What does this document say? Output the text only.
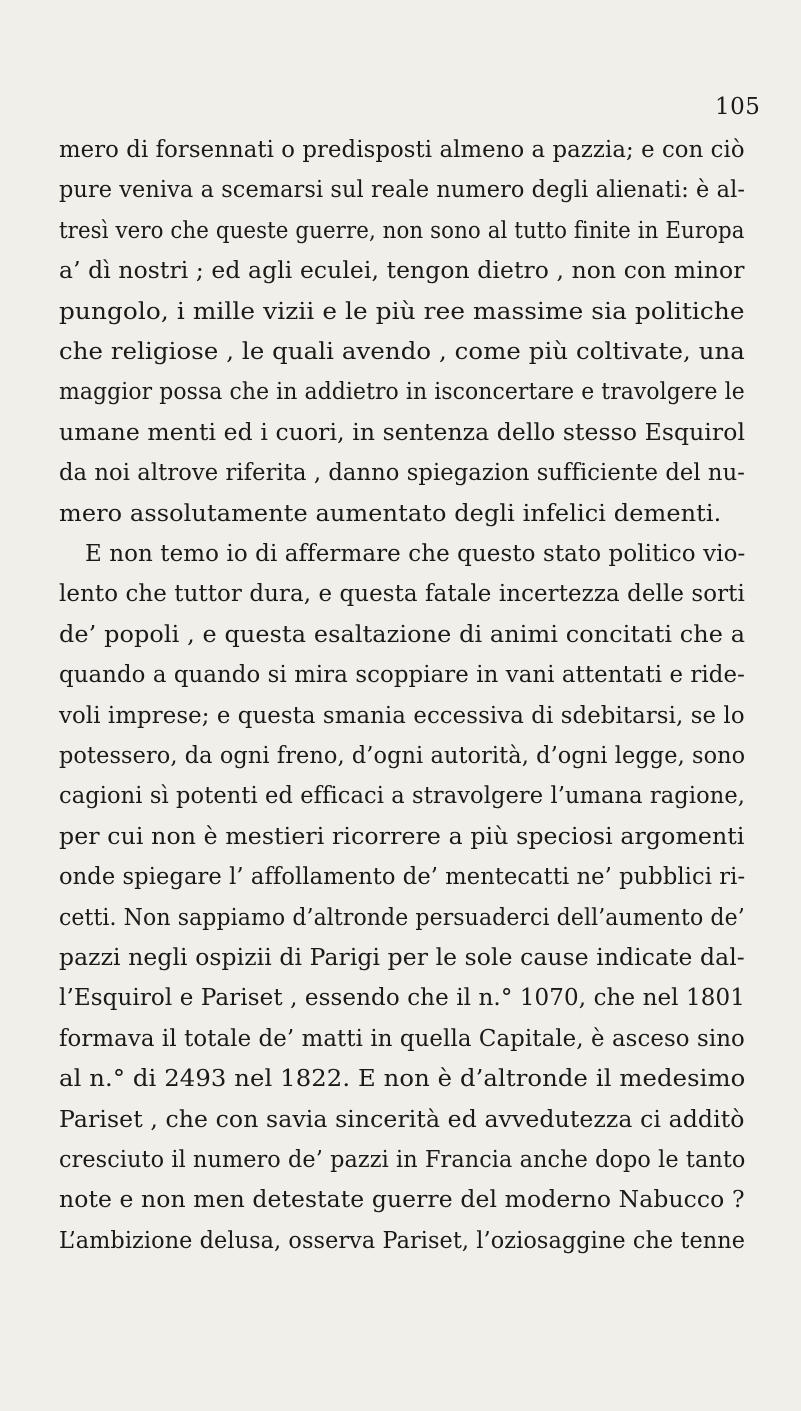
105
mero di forsennati o predisposti almeno a pazzia; e con ciò
pure veniva a scemarsi sul reale numero degli alienati: è al-
tresì vero che queste guerre, non sono al tutto finite in Europa
a’ dì nostri ; ed agli eculei, tengon dietro , non con minor
pungolo, i mille vizii e le più ree massime sia politiche
che religiose , le quali avendo , come più coltivate, una
maggior possa che in addietro in isconcertare e travolgere le
umane menti ed i cuori, in sentenza dello stesso Esquirol
da noi altrove riferita , danno spiegazion sufficiente del nu-
mero assolutamente aumentato degli infelici dementi.
E non temo io di affermare che questo stato politico vio-
lento che tuttor dura, e questa fatale incertezza delle sorti
de’ popoli , e questa esaltazione di animi concitati che a
quando a quando si mira scoppiare in vani attentati e ride-
voli imprese; e questa smania eccessiva di sdebitarsi, se lo
potessero, da ogni freno, d’ogni autorità, d’ogni legge, sono
cagioni sì potenti ed efficaci a stravolgere l’umana ragione,
per cui non è mestieri ricorrere a più speciosi argomenti
onde spiegare l’ affollamento de’ mentecatti ne’ pubblici ri-
cetti. Non sappiamo d’altronde persuaderci dell’aumento de’
pazzi negli ospizii di Parigi per le sole cause indicate dal-
l’Esquirol e Pariset , essendo che il n.° 1070, che nel 1801
formava il totale de’ matti in quella Capitale, è asceso sino
al n.° di 2493 nel 1822. E non è d’altronde il medesimo
Pariset , che con savia sincerità ed avvedutezza ci additò
cresciuto il numero de’ pazzi in Francia anche dopo le tanto
note e non men detestate guerre del moderno Nabucco ?
L’ambizione delusa, osserva Pariset, l’oziosaggine che tenne
